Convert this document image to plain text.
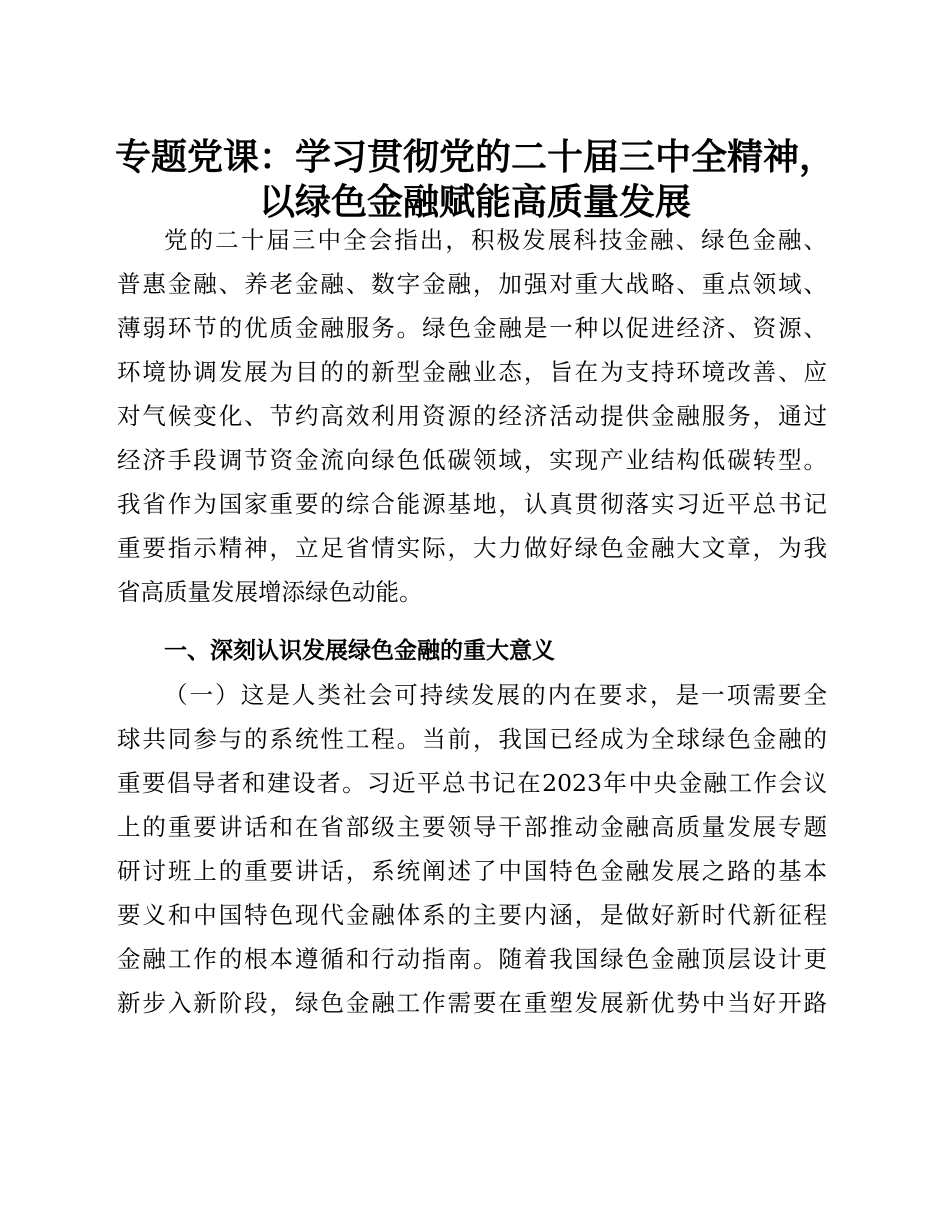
专题党课：学习贯彻党的二十届三中全精神，
以绿色金融赋能高质量发展
党的二十届三中全会指出，积极发展科技金融、绿色金融、
普惠金融、养老金融、数字金融，加强对重大战略、重点领域、
薄弱环节的优质金融服务。绿色金融是一种以促进经济、资源、
环境协调发展为目的的新型金融业态，旨在为支持环境改善、应
对气候变化、节约高效利用资源的经济活动提供金融服务，通过
经济手段调节资金流向绿色低碳领域，实现产业结构低碳转型。
我省作为国家重要的综合能源基地，认真贯彻落实习近平总书记
重要指示精神，立足省情实际，大力做好绿色金融大文章，为我
省高质量发展增添绿色动能。
一、深刻认识发展绿色金融的重大意义
（一）这是人类社会可持续发展的内在要求，是一项需要全
球共同参与的系统性工程。当前，我国已经成为全球绿色金融的
重要倡导者和建设者。习近平总书记在2023年中央金融工作会议
上的重要讲话和在省部级主要领导干部推动金融高质量发展专题
研讨班上的重要讲话，系统阐述了中国特色金融发展之路的基本
要义和中国特色现代金融体系的主要内涵，是做好新时代新征程
金融工作的根本遵循和行动指南。随着我国绿色金融顶层设计更
新步入新阶段，绿色金融工作需要在重塑发展新优势中当好开路
